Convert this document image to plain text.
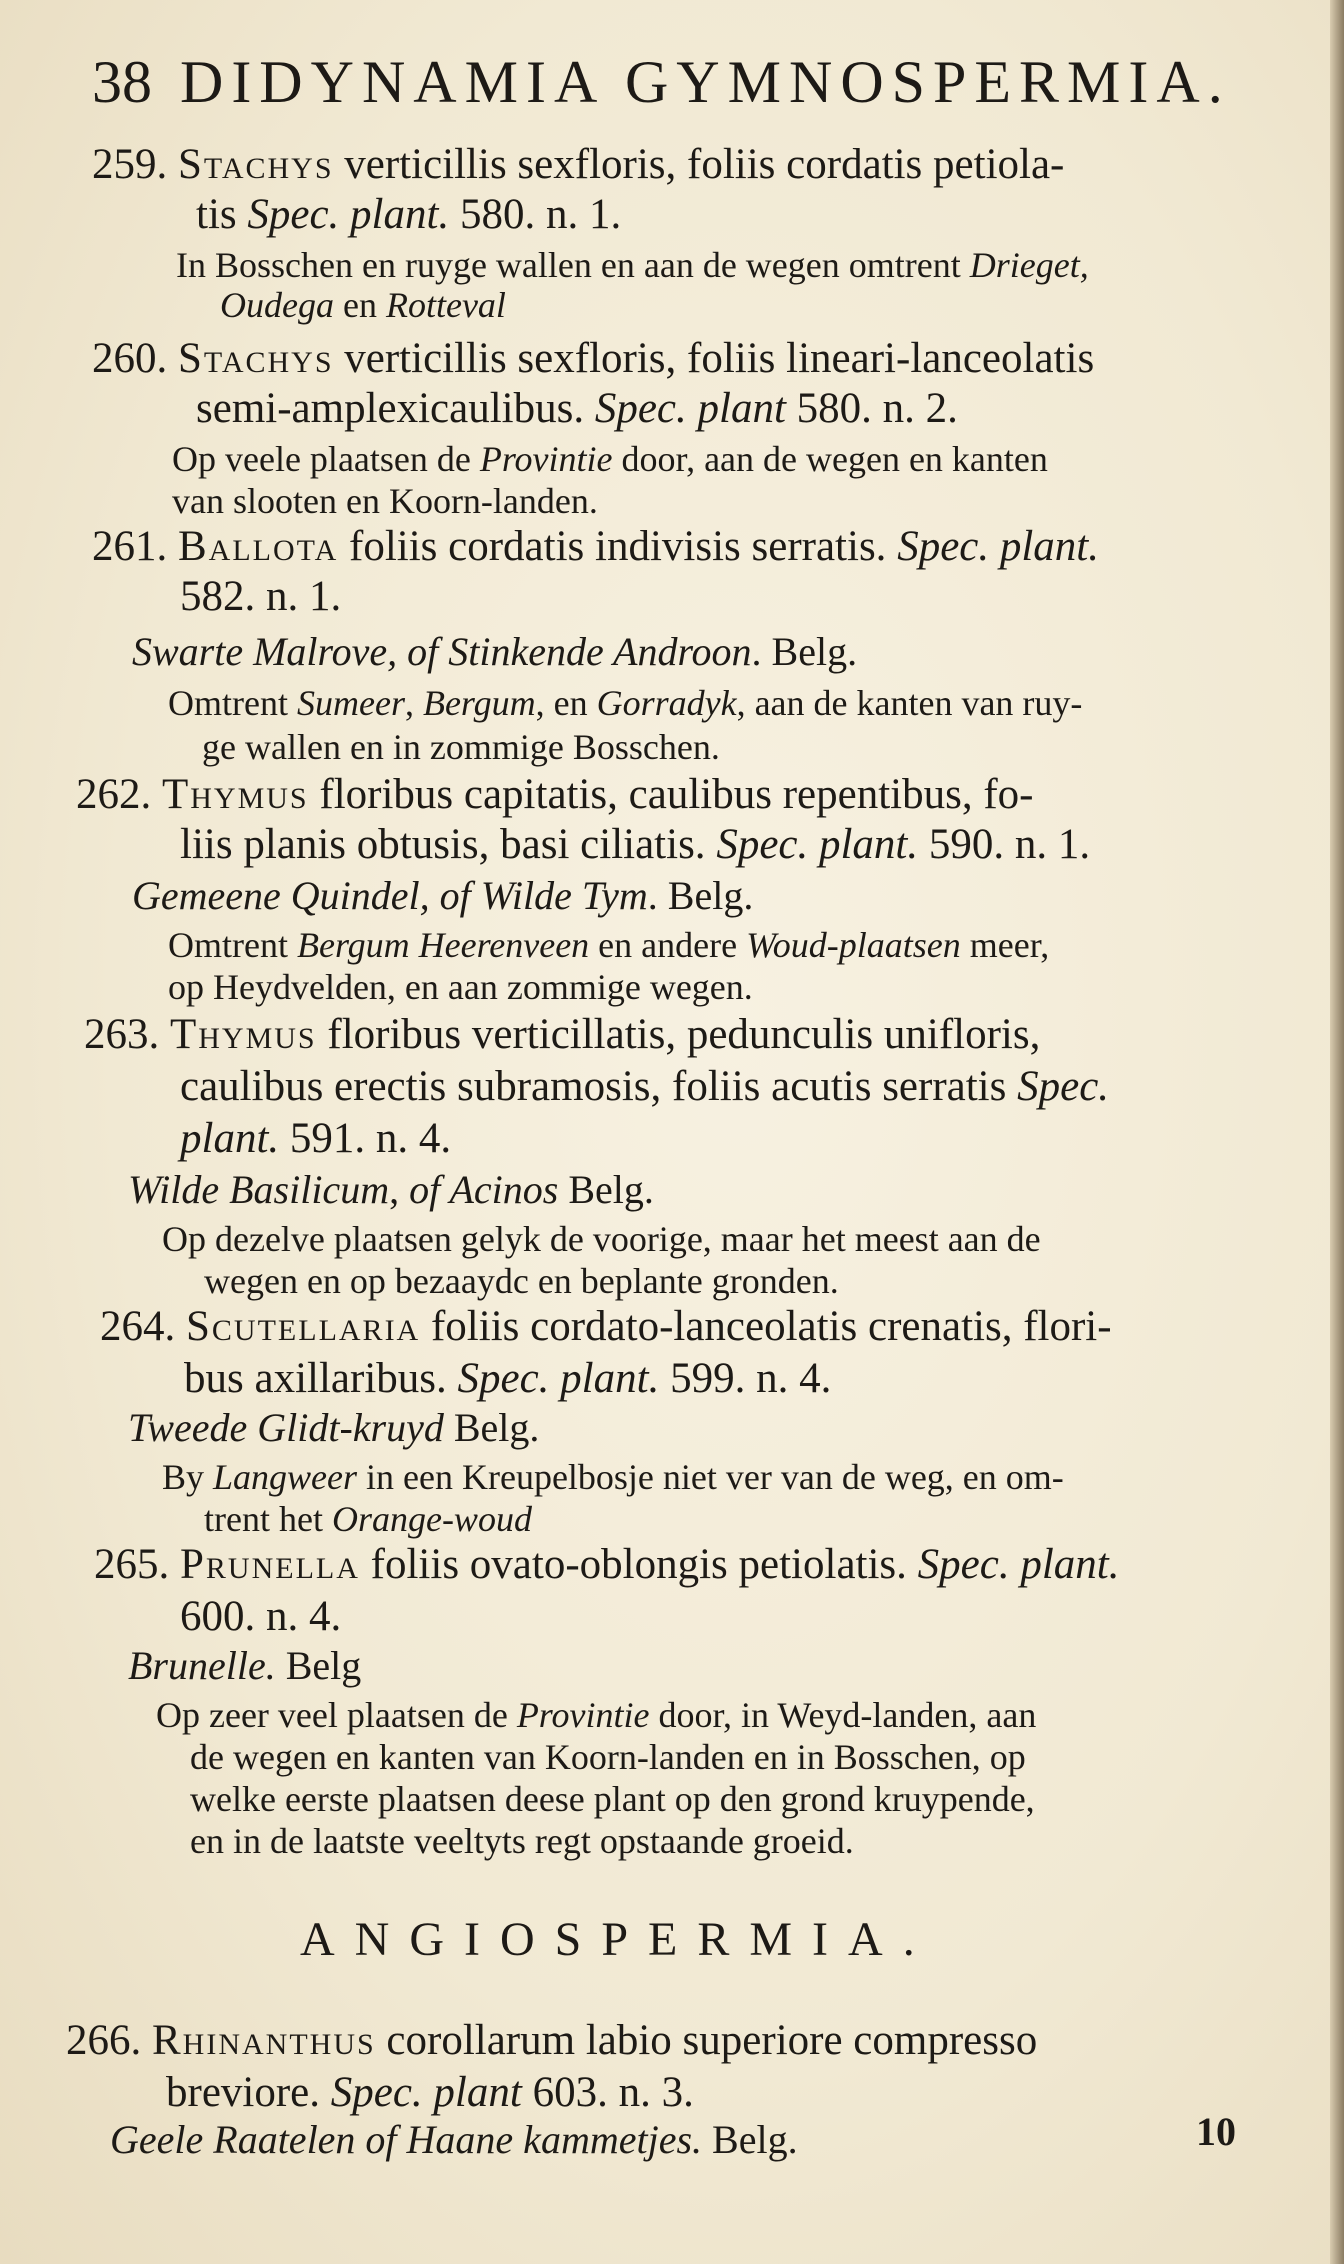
38 DIDYNAMIA GYMNOSPERMIA.
259. Stachys verticillis sexfloris, foliis cordatis petiola-
tis Spec. plant. 580. n. 1.
In Bosschen en ruyge wallen en aan de wegen omtrent Drieget,
Oudega en Rotteval
260. Stachys verticillis sexfloris, foliis lineari-lanceolatis
semi-amplexicaulibus. Spec. plant 580. n. 2.
Op veele plaatsen de Provintie door, aan de wegen en kanten
van slooten en Koorn-landen.
261. Ballota foliis cordatis indivisis serratis. Spec. plant.
582. n. 1.
Swarte Malrove, of Stinkende Androon. Belg.
Omtrent Sumeer, Bergum, en Gorradyk, aan de kanten van ruy-
ge wallen en in zommige Bosschen.
262. Thymus floribus capitatis, caulibus repentibus, fo-
liis planis obtusis, basi ciliatis. Spec. plant. 590. n. 1.
Gemeene Quindel, of Wilde Tym. Belg.
Omtrent Bergum Heerenveen en andere Woud-plaatsen meer,
op Heydvelden, en aan zommige wegen.
263. Thymus floribus verticillatis, pedunculis unifloris,
caulibus erectis subramosis, foliis acutis serratis Spec.
plant. 591. n. 4.
Wilde Basilicum, of Acinos Belg.
Op dezelve plaatsen gelyk de voorige, maar het meest aan de
wegen en op bezaaydc en beplante gronden.
264. Scutellaria foliis cordato-lanceolatis crenatis, flori-
bus axillaribus. Spec. plant. 599. n. 4.
Tweede Glidt-kruyd Belg.
By Langweer in een Kreupelbosje niet ver van de weg, en om-
trent het Orange-woud
265. Prunella foliis ovato-oblongis petiolatis. Spec. plant.
600. n. 4.
Brunelle. Belg
Op zeer veel plaatsen de Provintie door, in Weyd-landen, aan
de wegen en kanten van Koorn-landen en in Bosschen, op
welke eerste plaatsen deese plant op den grond kruypende,
en in de laatste veeltyts regt opstaande groeid.
ANGIOSPERMIA.
266. Rhinanthus corollarum labio superiore compresso
breviore. Spec. plant 603. n. 3.
Geele Raatelen of Haane kammetjes. Belg.	10
